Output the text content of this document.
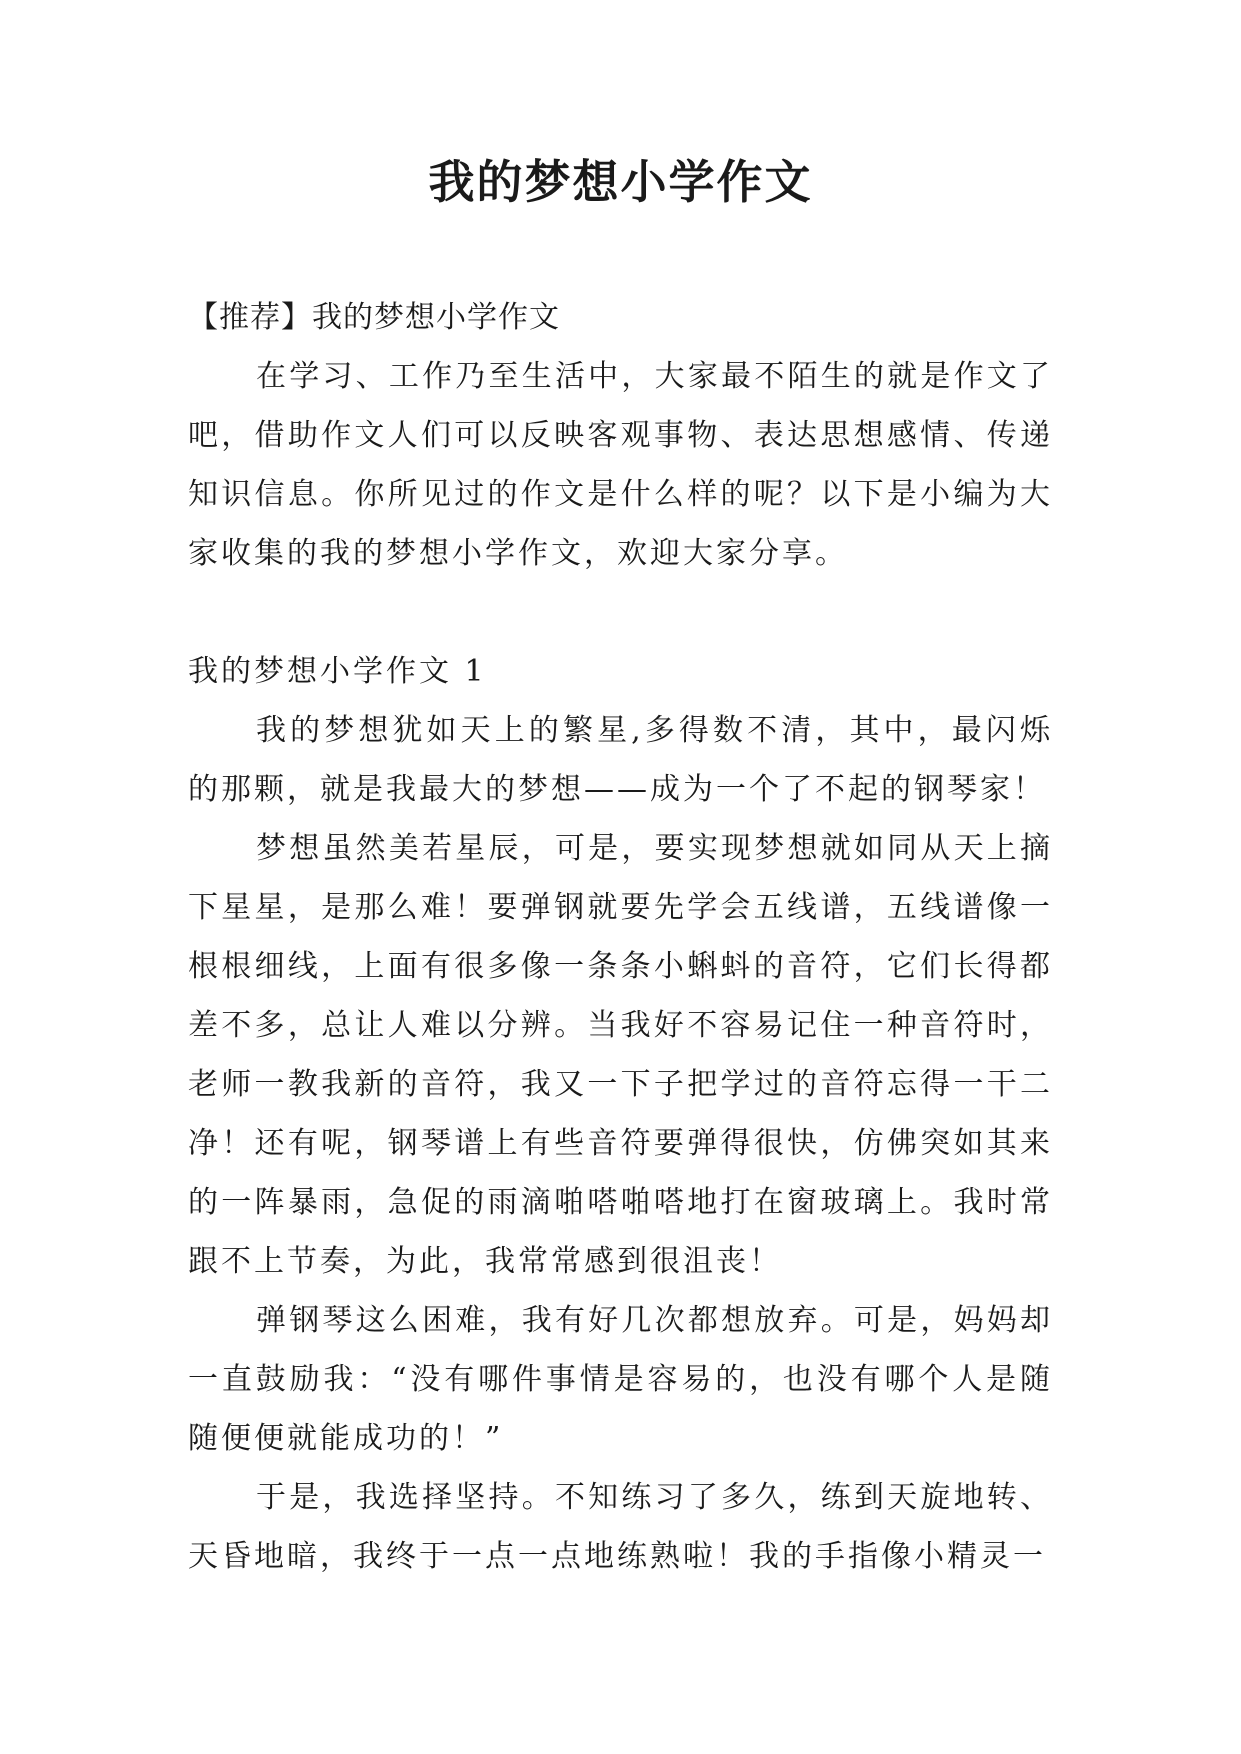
我的梦想小学作文

【推荐】我的梦想小学作文

在学习、工作乃至生活中，大家最不陌生的就是作文了吧，借助作文人们可以反映客观事物、表达思想感情、传递知识信息。你所见过的作文是什么样的呢？以下是小编为大家收集的我的梦想小学作文，欢迎大家分享。

我的梦想小学作文 1

我的梦想犹如天上的繁星,多得数不清，其中，最闪烁的那颗，就是我最大的梦想——成为一个了不起的钢琴家！

梦想虽然美若星辰，可是，要实现梦想就如同从天上摘下星星，是那么难！要弹钢就要先学会五线谱，五线谱像一根根细线，上面有很多像一条条小蝌蚪的音符，它们长得都差不多，总让人难以分辨。当我好不容易记住一种音符时，老师一教我新的音符，我又一下子把学过的音符忘得一干二净！还有呢，钢琴谱上有些音符要弹得很快，仿佛突如其来的一阵暴雨，急促的雨滴啪嗒啪嗒地打在窗玻璃上。我时常跟不上节奏，为此，我常常感到很沮丧！

弹钢琴这么困难，我有好几次都想放弃。可是，妈妈却一直鼓励我：“没有哪件事情是容易的，也没有哪个人是随随便便就能成功的！”

于是，我选择坚持。不知练习了多久，练到天旋地转、天昏地暗，我终于一点一点地练熟啦！我的手指像小精灵一
